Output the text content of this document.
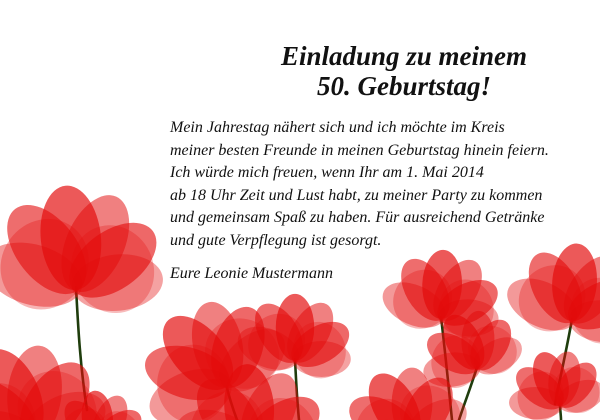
Einladung zu meinem
50. Geburtstag!
Mein Jahrestag nähert sich und ich möchte im Kreis
meiner besten Freunde in meinen Geburtstag hinein feiern.
Ich würde mich freuen, wenn Ihr am 1. Mai 2014
ab 18 Uhr Zeit und Lust habt, zu meiner Party zu kommen
und gemeinsam Spaß zu haben. Für ausreichend Getränke
und gute Verpflegung ist gesorgt.
Eure Leonie Mustermann
